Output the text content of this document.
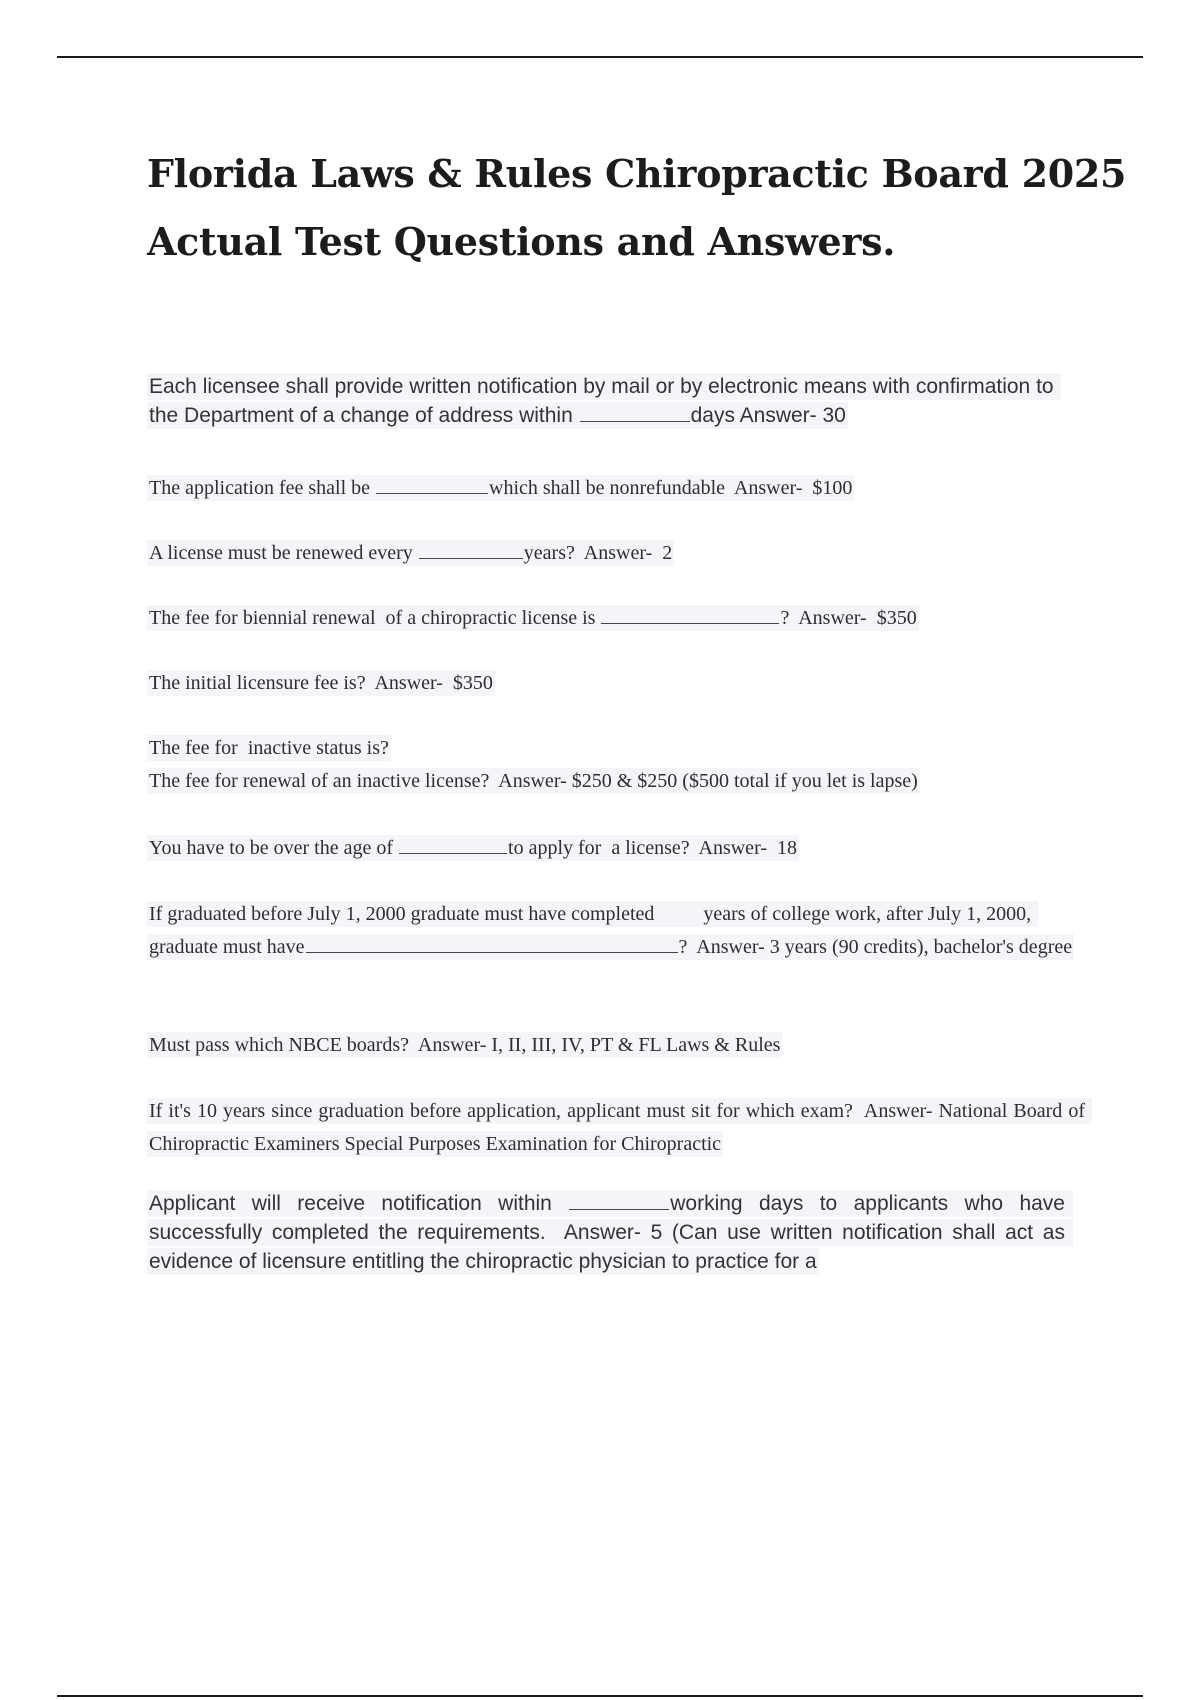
Florida Laws & Rules Chiropractic Board 2025
Actual Test Questions and Answers.
Each licensee shall provide written notification by mail or by electronic means with confirmation to the Department of a change of address within	days Answer- 30
The application fee shall be	which shall be nonrefundable  Answer-  $100
A license must be renewed every	years?  Answer-  2
The fee for biennial renewal  of a chiropractic license is	?  Answer-  $350
The initial licensure fee is?  Answer-  $350
The fee for  inactive status is?
The fee for renewal of an inactive license?  Answer- $250 & $250 ($500 total if you let is lapse)
You have to be over the age of	to apply for  a license?  Answer-  18
If graduated before July 1, 2000 graduate must have completed years of college work, after July 1, 2000, graduate must have	?  Answer- 3 years (90 credits), bachelor's degree
Must pass which NBCE boards?  Answer- I, II, III, IV, PT & FL Laws & Rules
If it's 10 years since graduation before application, applicant must sit for which exam?  Answer- National Board of Chiropractic Examiners Special Purposes Examination for Chiropractic
Applicant will receive notification within	working days to applicants who have successfully completed the requirements.  Answer- 5 (Can use written notification shall act as evidence of licensure entitling the chiropractic physician to practice for a
